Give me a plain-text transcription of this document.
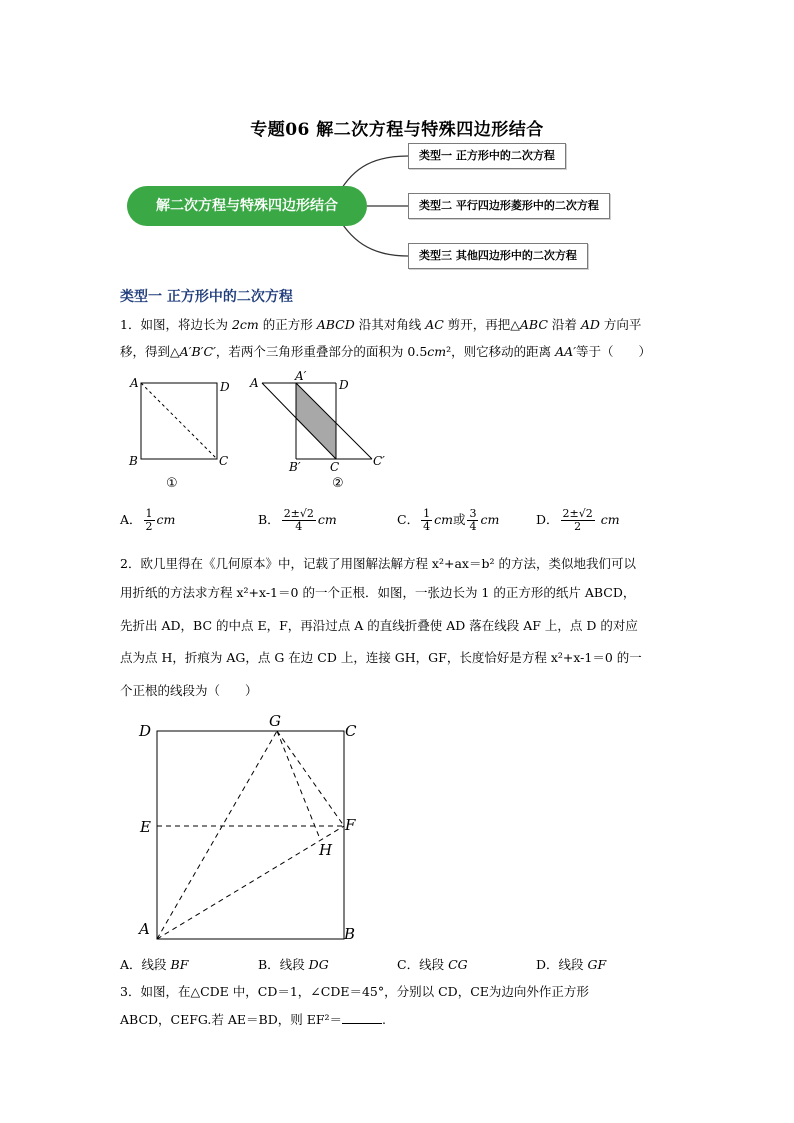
专题06 解二次方程与特殊四边形结合
解二次方程与特殊四边形结合
类型一 正方形中的二次方程
类型二 平行四边形菱形中的二次方程
类型三 其他四边形中的二次方程
类型一 正方形中的二次方程
1．如图，将边长为 2cm 的正方形 ABCD 沿其对角线 AC 剪开，再把△ABC 沿着 AD 方向平
移，得到△A′B′C′，若两个三角形重叠部分的面积为 0.5cm²，则它移动的距离 AA′等于（　　）
A	D
B	C
①
A	A′
D
B′ C	C′
②
A． $\frac{1}{2}$ cm	B． $\frac{2\pm√2}{4}$ cm	C． $\frac{1}{4}$ cm或 $\frac{3}{4}$ cm	D． $\frac{2\pm√2}{2}$ cm
2．欧几里得在《几何原本》中，记载了用图解法解方程 x²+ax＝b² 的方法，类似地我们可以
用折纸的方法求方程 x²+x-1＝0 的一个正根．如图，一张边长为 1 的正方形的纸片 ABCD，
先折出 AD，BC 的中点 E，F，再沿过点 A 的直线折叠使 AD 落在线段 AF 上，点 D 的对应
点为点 H，折痕为 AG，点 G 在边 CD 上，连接 GH，GF，长度恰好是方程 x²+x-1＝0 的一
个正根的线段为（　　）
D
G
C
E	F
H
A	B
A．线段 BF	B．线段 DG	C．线段 CG	D．线段 GF
3．如图，在△CDE 中，CD＝1，∠CDE＝45°，分别以 CD，CE为边向外作正方形
ABCD，CEFG.若 AE＝BD，则 EF²＝	.
